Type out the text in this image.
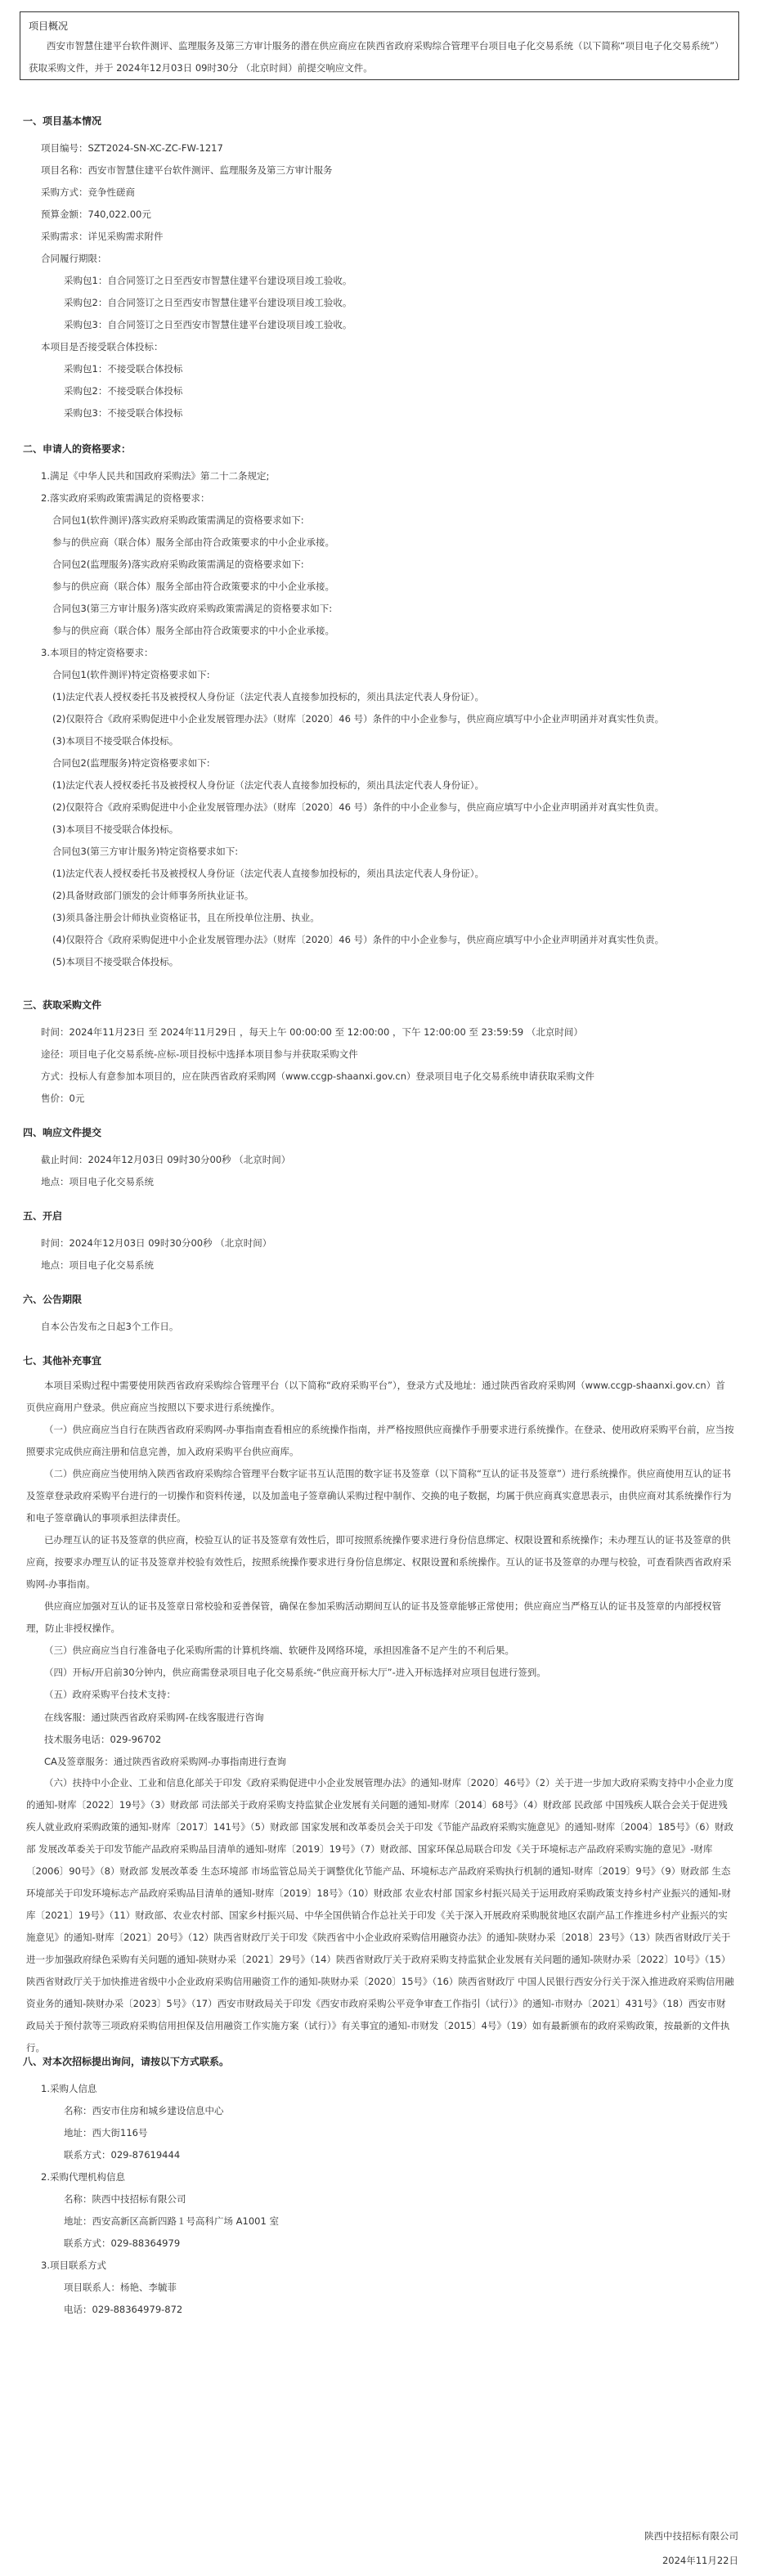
项目概况

西安市智慧住建平台软件测评、监理服务及第三方审计服务的潜在供应商应在陕西省政府采购综合管理平台项目电子化交易系统（以下简称“项目电子化交易系统”）获取采购文件，并于 2024年12月03日 09时30分 （北京时间）前提交响应文件。

一、项目基本情况
项目编号：SZT2024-SN-XC-ZC-FW-1217
项目名称：西安市智慧住建平台软件测评、监理服务及第三方审计服务
采购方式：竞争性磋商
预算金额：740,022.00元
采购需求：详见采购需求附件
合同履行期限：
采购包1：自合同签订之日至西安市智慧住建平台建设项目竣工验收。
采购包2：自合同签订之日至西安市智慧住建平台建设项目竣工验收。
采购包3：自合同签订之日至西安市智慧住建平台建设项目竣工验收。
本项目是否接受联合体投标：
采购包1：不接受联合体投标
采购包2：不接受联合体投标
采购包3：不接受联合体投标
二、申请人的资格要求：
1.满足《中华人民共和国政府采购法》第二十二条规定;
2.落实政府采购政策需满足的资格要求：
合同包1(软件测评)落实政府采购政策需满足的资格要求如下:
参与的供应商（联合体）服务全部由符合政策要求的中小企业承接。
合同包2(监理服务)落实政府采购政策需满足的资格要求如下:
参与的供应商（联合体）服务全部由符合政策要求的中小企业承接。
合同包3(第三方审计服务)落实政府采购政策需满足的资格要求如下:
参与的供应商（联合体）服务全部由符合政策要求的中小企业承接。
3.本项目的特定资格要求：
合同包1(软件测评)特定资格要求如下:
(1)法定代表人授权委托书及被授权人身份证（法定代表人直接参加投标的，须出具法定代表人身份证）。
(2)仅限符合《政府采购促进中小企业发展管理办法》（财库〔2020〕46 号）条件的中小企业参与，供应商应填写中小企业声明函并对真实性负责。
(3)本项目不接受联合体投标。
合同包2(监理服务)特定资格要求如下:
(1)法定代表人授权委托书及被授权人身份证（法定代表人直接参加投标的，须出具法定代表人身份证）。
(2)仅限符合《政府采购促进中小企业发展管理办法》（财库〔2020〕46 号）条件的中小企业参与，供应商应填写中小企业声明函并对真实性负责。
(3)本项目不接受联合体投标。
合同包3(第三方审计服务)特定资格要求如下:
(1)法定代表人授权委托书及被授权人身份证（法定代表人直接参加投标的，须出具法定代表人身份证）。
(2)具备财政部门颁发的会计师事务所执业证书。
(3)须具备注册会计师执业资格证书，且在所投单位注册、执业。
(4)仅限符合《政府采购促进中小企业发展管理办法》（财库〔2020〕46 号）条件的中小企业参与，供应商应填写中小企业声明函并对真实性负责。
(5)本项目不接受联合体投标。
三、获取采购文件
时间：2024年11月23日 至 2024年11月29日 ，每天上午 00:00:00 至 12:00:00 ，下午 12:00:00 至 23:59:59 （北京时间）
途径：项目电子化交易系统-应标-项目投标中选择本项目参与并获取采购文件
方式：投标人有意参加本项目的，应在陕西省政府采购网（www.ccgp-shaanxi.gov.cn）登录项目电子化交易系统申请获取采购文件
售价：0元
四、响应文件提交
截止时间：2024年12月03日 09时30分00秒 （北京时间）
地点：项目电子化交易系统
五、开启
时间：2024年12月03日 09时30分00秒 （北京时间）
地点：项目电子化交易系统
六、公告期限
自本公告发布之日起3个工作日。
七、其他补充事宜

本项目采购过程中需要使用陕西省政府采购综合管理平台（以下简称“政府采购平台”），登录方式及地址：通过陕西省政府采购网（www.ccgp-shaanxi.gov.cn）首页供应商用户登录。供应商应当按照以下要求进行系统操作。

（一）供应商应当自行在陕西省政府采购网-办事指南查看相应的系统操作指南，并严格按照供应商操作手册要求进行系统操作。在登录、使用政府采购平台前，应当按照要求完成供应商注册和信息完善，加入政府采购平台供应商库。

（二）供应商应当使用纳入陕西省政府采购综合管理平台数字证书互认范围的数字证书及签章（以下简称“互认的证书及签章”）进行系统操作。供应商使用互认的证书及签章登录政府采购平台进行的一切操作和资料传递，以及加盖电子签章确认采购过程中制作、交换的电子数据，均属于供应商真实意思表示，由供应商对其系统操作行为和电子签章确认的事项承担法律责任。

已办理互认的证书及签章的供应商，校验互认的证书及签章有效性后，即可按照系统操作要求进行身份信息绑定、权限设置和系统操作；未办理互认的证书及签章的供应商，按要求办理互认的证书及签章并校验有效性后，按照系统操作要求进行身份信息绑定、权限设置和系统操作。互认的证书及签章的办理与校验，可查看陕西省政府采购网-办事指南。

供应商应加强对互认的证书及签章日常校验和妥善保管，确保在参加采购活动期间互认的证书及签章能够正常使用；供应商应当严格互认的证书及签章的内部授权管理，防止非授权操作。

（三）供应商应当自行准备电子化采购所需的计算机终端、软硬件及网络环境，承担因准备不足产生的不利后果。

（四）开标/开启前30分钟内，供应商需登录项目电子化交易系统-“供应商开标大厅”-进入开标选择对应项目包进行签到。

（五）政府采购平台技术支持：

在线客服：通过陕西省政府采购网-在线客服进行咨询
技术服务电话：029-96702
CA及签章服务：通过陕西省政府采购网-办事指南进行查询

（六）扶持中小企业、工业和信息化部关于印发《政府采购促进中小企业发展管理办法》的通知-财库〔2020〕46号》（2）关于进一步加大政府采购支持中小企业力度的通知-财库〔2022〕19号》（3）财政部 司法部关于政府采购支持监狱企业发展有关问题的通知-财库〔2014〕68号》（4）财政部 民政部 中国残疾人联合会关于促进残疾人就业政府采购政策的通知-财库〔2017〕141号》（5）财政部 国家发展和改革委员会关于印发《节能产品政府采购实施意见》的通知-财库〔2004〕185号》（6）财政部 发展改革委关于印发节能产品政府采购品目清单的通知-财库〔2019〕19号》（7）财政部、国家环保总局联合印发《关于环境标志产品政府采购实施的意见》-财库〔2006〕90号》（8）财政部 发展改革委 生态环境部 市场监管总局关于调整优化节能产品、环境标志产品政府采购执行机制的通知-财库〔2019〕9号》（9）财政部 生态环境部关于印发环境标志产品政府采购品目清单的通知-财库〔2019〕18号》（10）财政部 农业农村部 国家乡村振兴局关于运用政府采购政策支持乡村产业振兴的通知-财库〔2021〕19号》（11）财政部、农业农村部、国家乡村振兴局、中华全国供销合作总社关于印发《关于深入开展政府采购脱贫地区农副产品工作推进乡村产业振兴的实施意见》的通知-财库〔2021〕20号》（12）陕西省财政厅关于印发《陕西省中小企业政府采购信用融资办法》的通知-陕财办采〔2018〕23号》（13）陕西省财政厅关于进一步加强政府绿色采购有关问题的通知-陕财办采〔2021〕29号》（14）陕西省财政厅关于政府采购支持监狱企业发展有关问题的通知-陕财办采〔2022〕10号》（15）陕西省财政厅关于加快推进省级中小企业政府采购信用融资工作的通知-陕财办采〔2020〕15号》（16）陕西省财政厅 中国人民银行西安分行关于深入推进政府采购信用融资业务的通知-陕财办采〔2023〕5号》（17）西安市财政局关于印发《西安市政府采购公平竞争审查工作指引（试行）》的通知-市财办〔2021〕431号》（18）西安市财政局关于预付款等三项政府采购信用担保及信用融资工作实施方案（试行）》有关事宜的通知-市财发〔2015〕4号》（19）如有最新颁布的政府采购政策，按最新的文件执行。

八、对本次招标提出询问，请按以下方式联系。
1.采购人信息
名称：西安市住房和城乡建设信息中心
地址：西大街116号
联系方式：029-87619444
2.采购代理机构信息
名称：陕西中技招标有限公司
地址：西安高新区高新四路１号高科广场 A1001 室
联系方式：029-88364979
3.项目联系方式
项目联系人：杨艳、李毓菲
电话：029-88364979-872
陕西中技招标有限公司
2024年11月22日
